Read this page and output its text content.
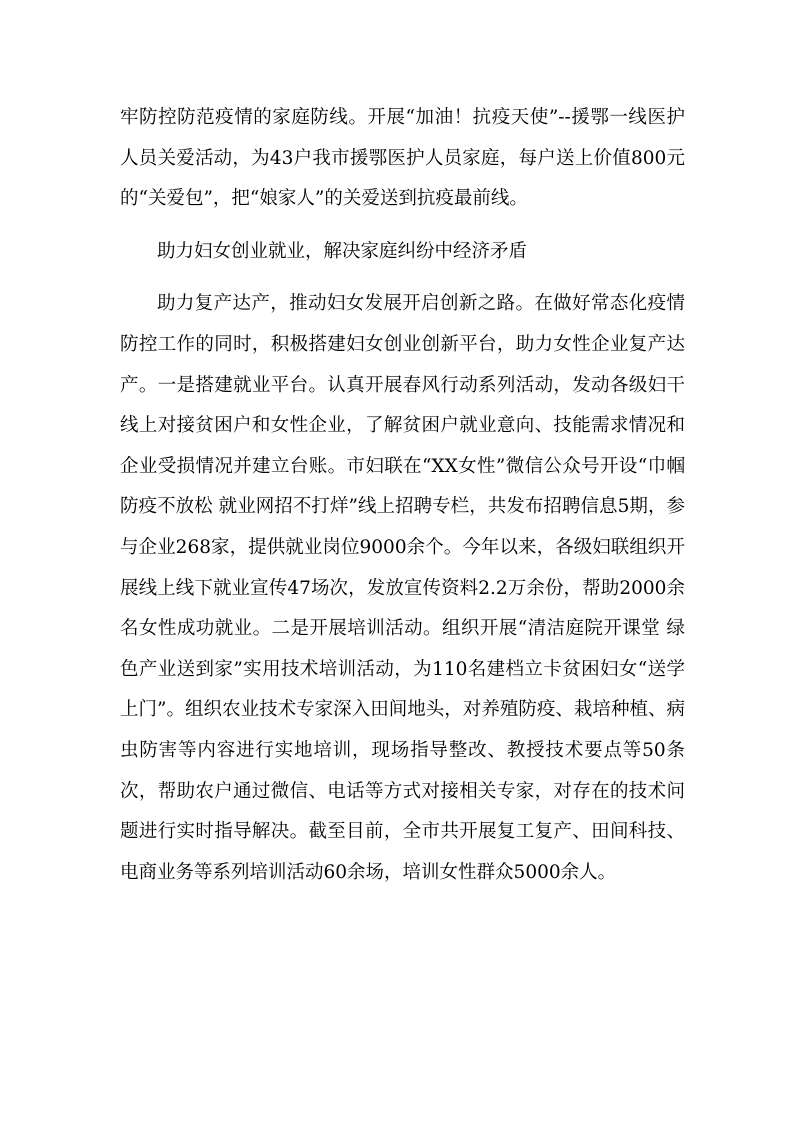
牢防控防范疫情的家庭防线。开展“加油！抗疫天使”--援鄂一线医护人员关爱活动，为43户我市援鄂医护人员家庭，每户送上价值800元的“关爱包”，把“娘家人”的关爱送到抗疫最前线。

助力妇女创业就业，解决家庭纠纷中经济矛盾

助力复产达产，推动妇女发展开启创新之路。在做好常态化疫情防控工作的同时，积极搭建妇女创业创新平台，助力女性企业复产达产。一是搭建就业平台。认真开展春风行动系列活动，发动各级妇干线上对接贫困户和女性企业，了解贫困户就业意向、技能需求情况和企业受损情况并建立台账。市妇联在“XX女性”微信公众号开设“巾帼防疫不放松 就业网招不打烊”线上招聘专栏，共发布招聘信息5期，参与企业268家，提供就业岗位9000余个。今年以来，各级妇联组织开展线上线下就业宣传47场次，发放宣传资料2.2万余份，帮助2000余名女性成功就业。二是开展培训活动。组织开展“清洁庭院开课堂 绿色产业送到家”实用技术培训活动，为110名建档立卡贫困妇女“送学上门”。组织农业技术专家深入田间地头，对养殖防疫、栽培种植、病虫防害等内容进行实地培训，现场指导整改、教授技术要点等50条次，帮助农户通过微信、电话等方式对接相关专家，对存在的技术问题进行实时指导解决。截至目前，全市共开展复工复产、田间科技、电商业务等系列培训活动60余场，培训女性群众5000余人。
